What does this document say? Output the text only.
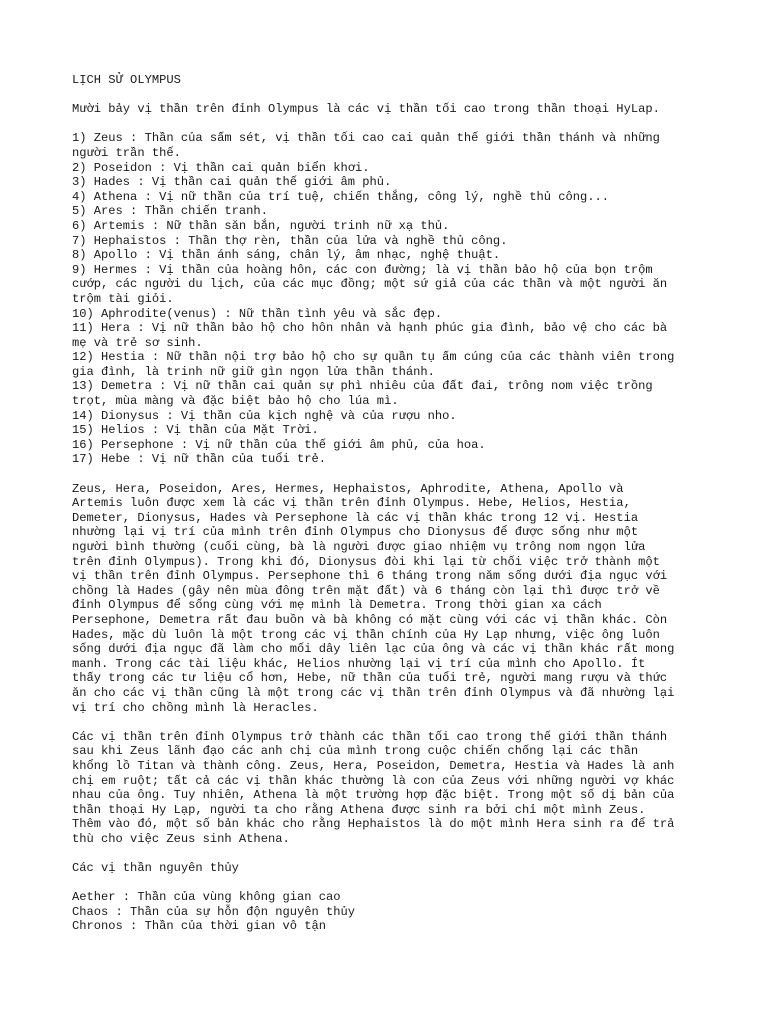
LỊCH SỬ OLYMPUS
Mười bảy vị thần trên đỉnh Olympus là các vị thần tối cao trong thần thoại HyLap.
1) Zeus : Thần của sấm sét, vị thần tối cao cai quản thế giới thần thánh và những
người trần thế.
2) Poseidon : Vị thần cai quản biển khơi.
3) Hades : Vị thần cai quản thế giới âm phủ.
4) Athena : Vị nữ thần của trí tuệ, chiến thắng, công lý, nghề thủ công...
5) Ares : Thần chiến tranh.
6) Artemis : Nữ thần săn bắn, người trinh nữ xạ thủ.
7) Hephaistos : Thần thợ rèn, thần của lửa và nghề thủ công.
8) Apollo : Vị thần ánh sáng, chân lý, âm nhạc, nghệ thuật.
9) Hermes : Vị thần của hoàng hôn, các con đường; là vị thần bảo hộ của bọn trộm
cướp, các người du lịch, của các mục đồng; một sứ giả của các thần và một người ăn
trộm tài giỏi.
10) Aphrodite(venus) : Nữ thần tình yêu và sắc đẹp.
11) Hera : Vị nữ thần bảo hộ cho hôn nhân và hạnh phúc gia đình, bảo vệ cho các bà
mẹ và trẻ sơ sinh.
12) Hestia : Nữ thần nội trợ bảo hộ cho sự quần tụ ấm cúng của các thành viên trong
gia đình, là trinh nữ giữ gìn ngọn lửa thần thánh.
13) Demetra : Vị nữ thần cai quản sự phì nhiêu của đất đai, trông nom việc trồng
trọt, mùa màng và đặc biệt bảo hộ cho lúa mì.
14) Dionysus : Vị thần của kịch nghệ và của rượu nho.
15) Helios : Vị thần của Mặt Trời.
16) Persephone : Vị nữ thần của thế giới âm phủ, của hoa.
17) Hebe : Vị nữ thần của tuổi trẻ.
Zeus, Hera, Poseidon, Ares, Hermes, Hephaistos, Aphrodite, Athena, Apollo và
Artemis luôn được xem là các vị thần trên đỉnh Olympus. Hebe, Helios, Hestia,
Demeter, Dionysus, Hades và Persephone là các vị thần khác trong 12 vị. Hestia
nhường lại vị trí của mình trên đỉnh Olympus cho Dionysus để được sống như một
người bình thường (cuối cùng, bà là người được giao nhiệm vụ trông nom ngọn lửa
trên đỉnh Olympus). Trong khi đó, Dionysus đòi khi lại từ chối việc trở thành một
vị thần trên đỉnh Olympus. Persephone thì 6 tháng trong năm sống dưới địa ngục với
chồng là Hades (gây nên mùa đông trên mặt đất) và 6 tháng còn lại thì được trở về
đỉnh Olympus để sống cùng với mẹ mình là Demetra. Trong thời gian xa cách
Persephone, Demetra rất đau buồn và bà không có mặt cùng với các vị thần khác. Còn
Hades, mặc dù luôn là một trong các vị thần chính của Hy Lạp nhưng, việc ông luôn
sống dưới địa ngục đã làm cho mối dây liên lạc của ông và các vị thần khác rất mong
manh. Trong các tài liệu khác, Helios nhường lại vị trí của mình cho Apollo. Ít
thấy trong các tư liệu cổ hơn, Hebe, nữ thần của tuổi trẻ, người mang rượu và thức
ăn cho các vị thần cũng là một trong các vị thần trên đỉnh Olympus và đã nhường lại
vị trí cho chồng mình là Heracles.
Các vị thần trên đỉnh Olympus trở thành các thần tối cao trong thế giới thần thánh
sau khi Zeus lãnh đạo các anh chị của mình trong cuộc chiến chống lại các thần
khổng lồ Titan và thành công. Zeus, Hera, Poseidon, Demetra, Hestia và Hades là anh
chị em ruột; tất cả các vị thần khác thường là con của Zeus với những người vợ khác
nhau của ông. Tuy nhiên, Athena là một trường hợp đặc biệt. Trong một số dị bản của
thần thoại Hy Lạp, người ta cho rằng Athena được sinh ra bởi chỉ một mình Zeus.
Thêm vào đó, một số bản khác cho rằng Hephaistos là do một mình Hera sinh ra để trả
thù cho việc Zeus sinh Athena.
Các vị thần nguyên thủy
Aether : Thần của vùng không gian cao
Chaos : Thần của sự hỗn độn nguyên thủy
Chronos : Thần của thời gian vô tận
